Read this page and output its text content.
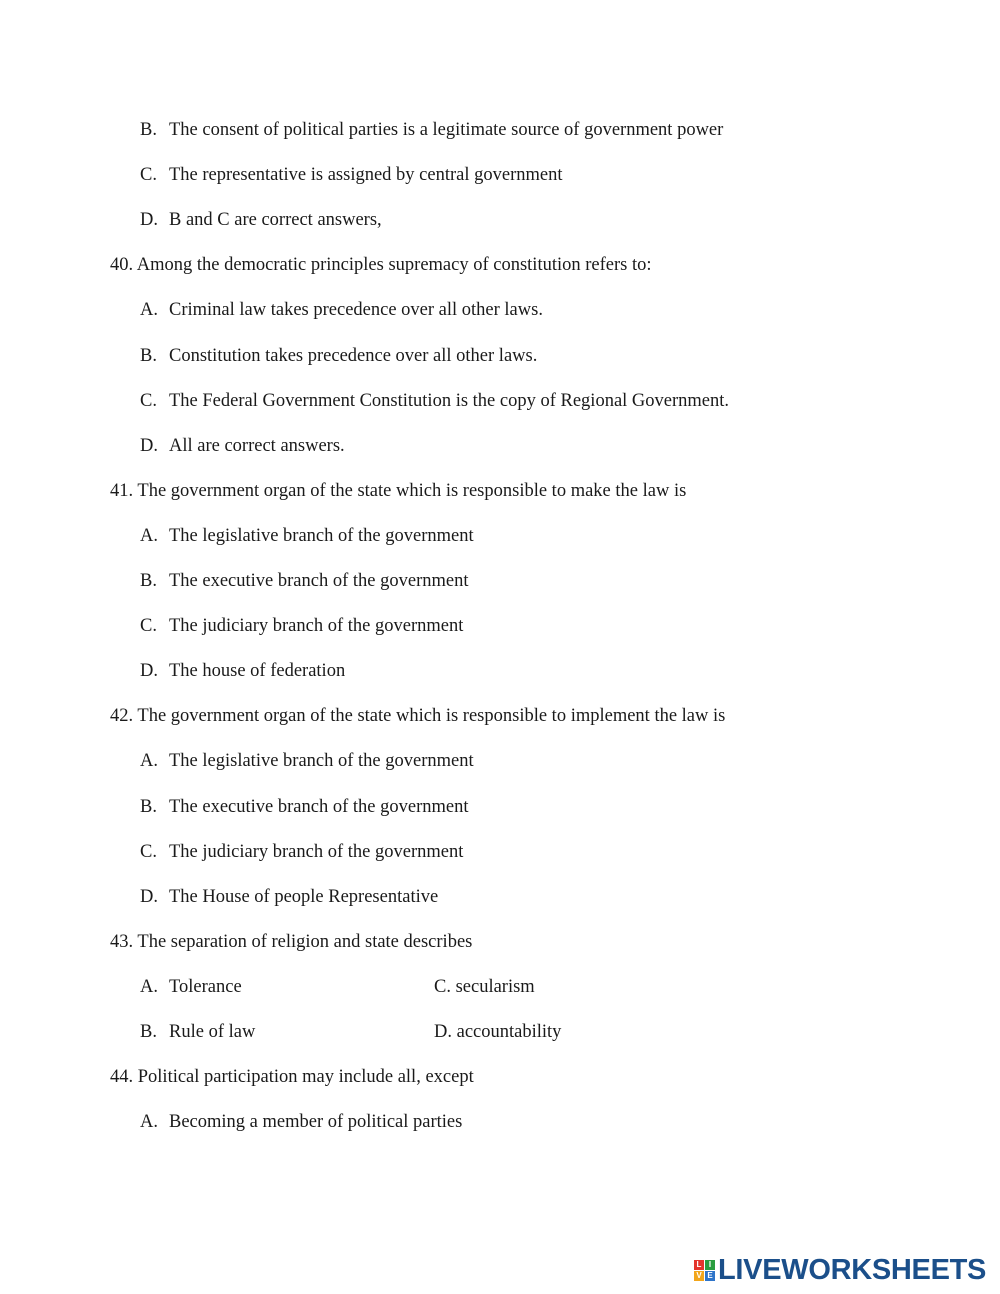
B. The consent of political parties is a legitimate source of government power
C. The representative is assigned by central government
D. B and C are correct answers,
40. Among the democratic principles supremacy of constitution refers to:
A. Criminal law takes precedence over all other laws.
B. Constitution takes precedence over all other laws.
C. The Federal Government Constitution is the copy of Regional Government.
D. All are correct answers.
41. The government organ of the state which is responsible to make the law is
A. The legislative branch of the government
B. The executive branch of the government
C. The judiciary branch of the government
D. The house of federation
42. The government organ of the state which is responsible to implement the law is
A. The legislative branch of the government
B. The executive branch of the government
C. The judiciary branch of the government
D. The House of people Representative
43. The separation of religion and state describes
A. Tolerance	C. secularism
B. Rule of law	D. accountability
44. Political participation may include all, except
A. Becoming a member of political parties
L I
V E LIVEWORKSHEETS
